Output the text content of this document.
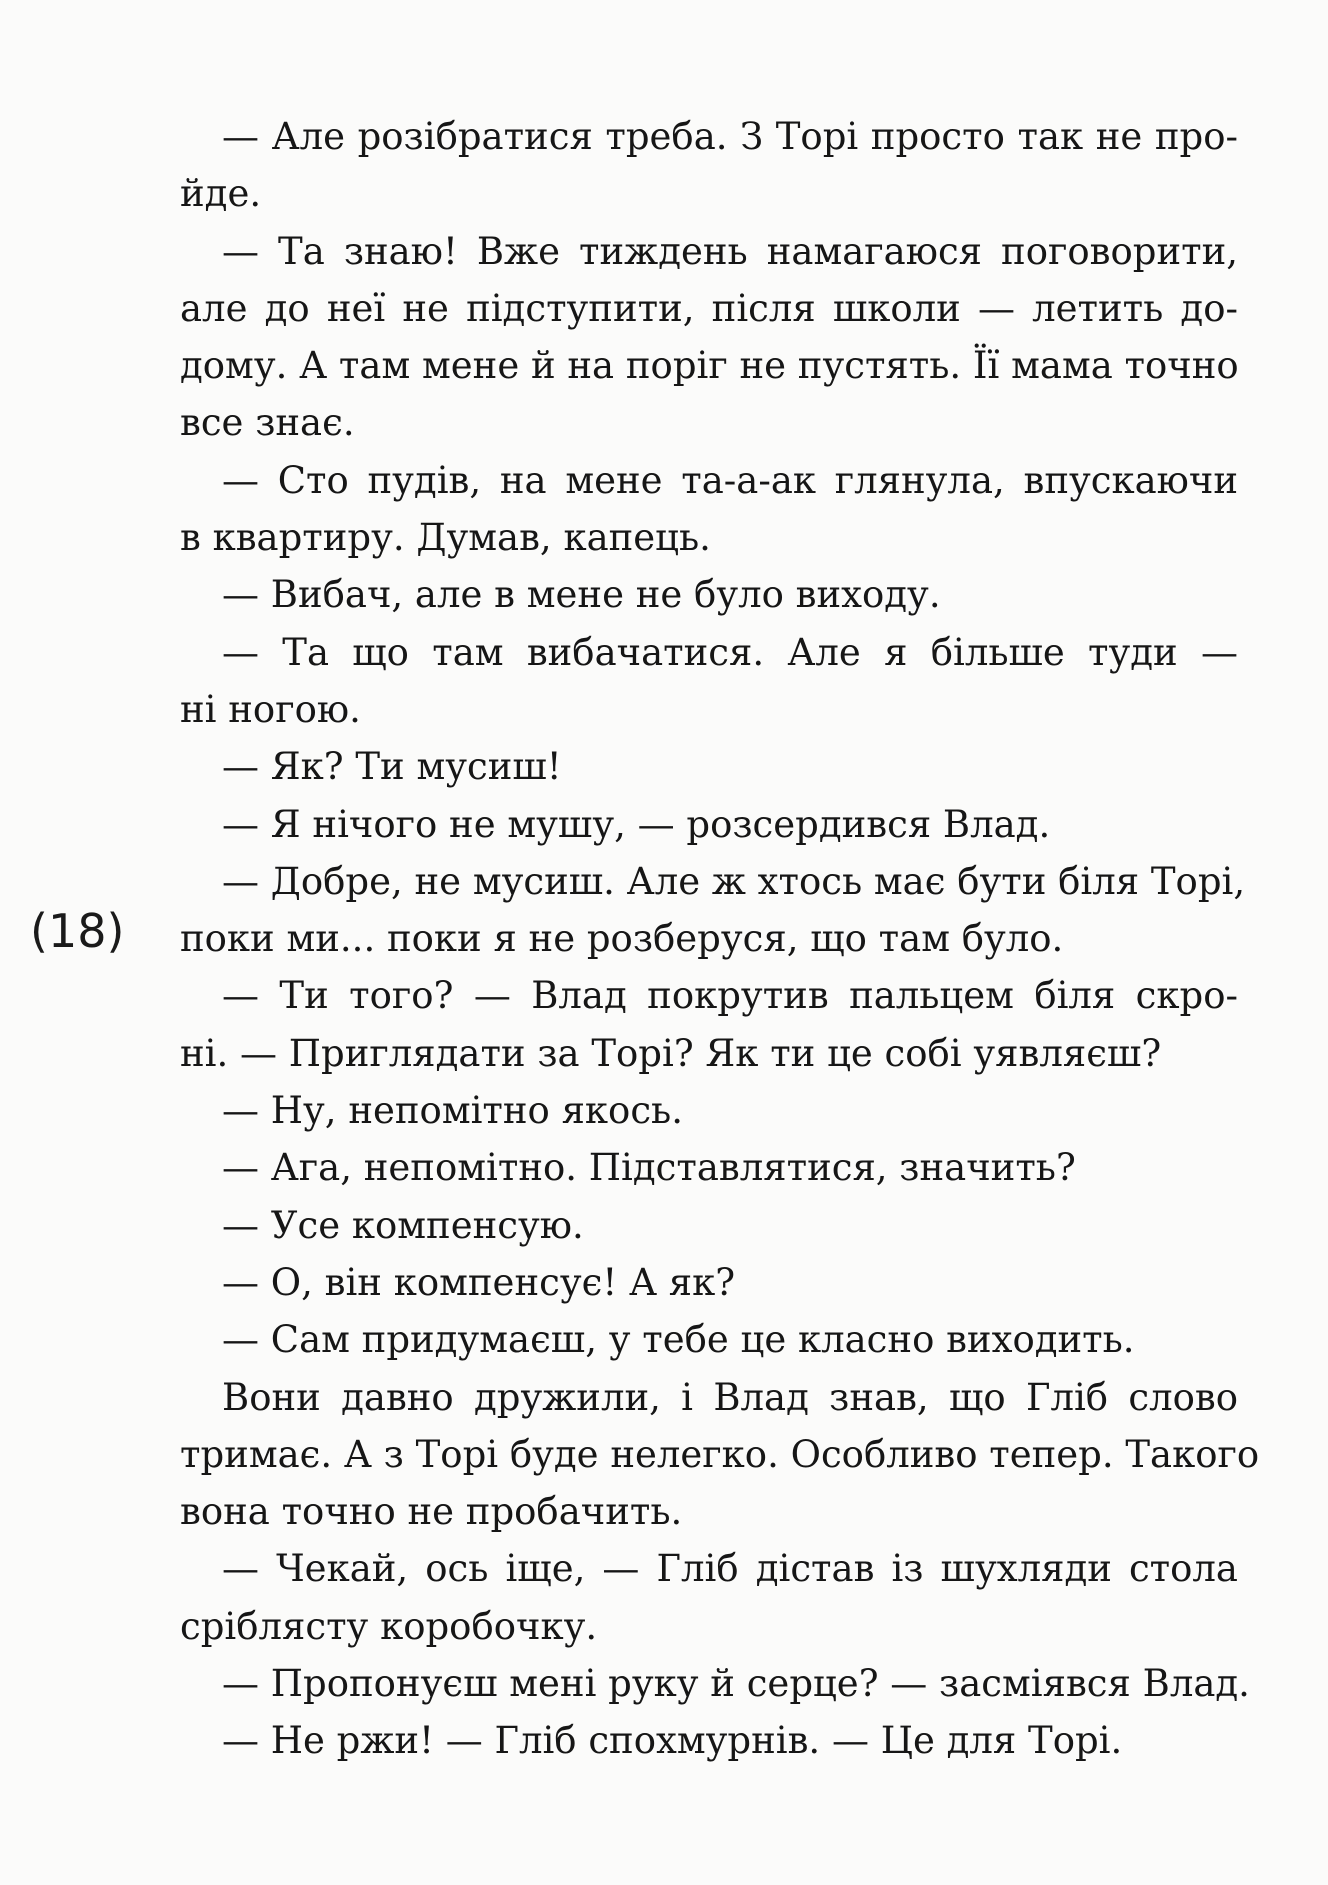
(18)
— Але розібратися треба. З Торі просто так не про-
йде.
— Та знаю! Вже тиждень намагаюся поговорити,
але до неї не підступити, після школи — летить до-
дому. А там мене й на поріг не пустять. Її мама точно
все знає.
— Сто пудів, на мене та-а-ак глянула, впускаючи
в квартиру. Думав, капець.
— Вибач, але в мене не було виходу.
— Та що там вибачатися. Але я більше туди —
ні ногою.
— Як? Ти мусиш!
— Я нічого не мушу, — розсердився Влад.
— Добре, не мусиш. Але ж хтось має бути біля Торі,
поки ми... поки я не розберуся, що там було.
— Ти того? — Влад покрутив пальцем біля скро-
ні. — Приглядати за Торі? Як ти це собі уявляєш?
— Ну, непомітно якось.
— Ага, непомітно. Підставлятися, значить?
— Усе компенсую.
— О, він компенсує! А як?
— Сам придумаєш, у тебе це класно виходить.
Вони давно дружили, і Влад знав, що Гліб слово
тримає. А з Торі буде нелегко. Особливо тепер. Такого
вона точно не пробачить.
— Чекай, ось іще, — Гліб дістав із шухляди стола
сріблясту коробочку.
— Пропонуєш мені руку й серце? — засміявся Влад.
— Не ржи! — Гліб спохмурнів. — Це для Торі.
